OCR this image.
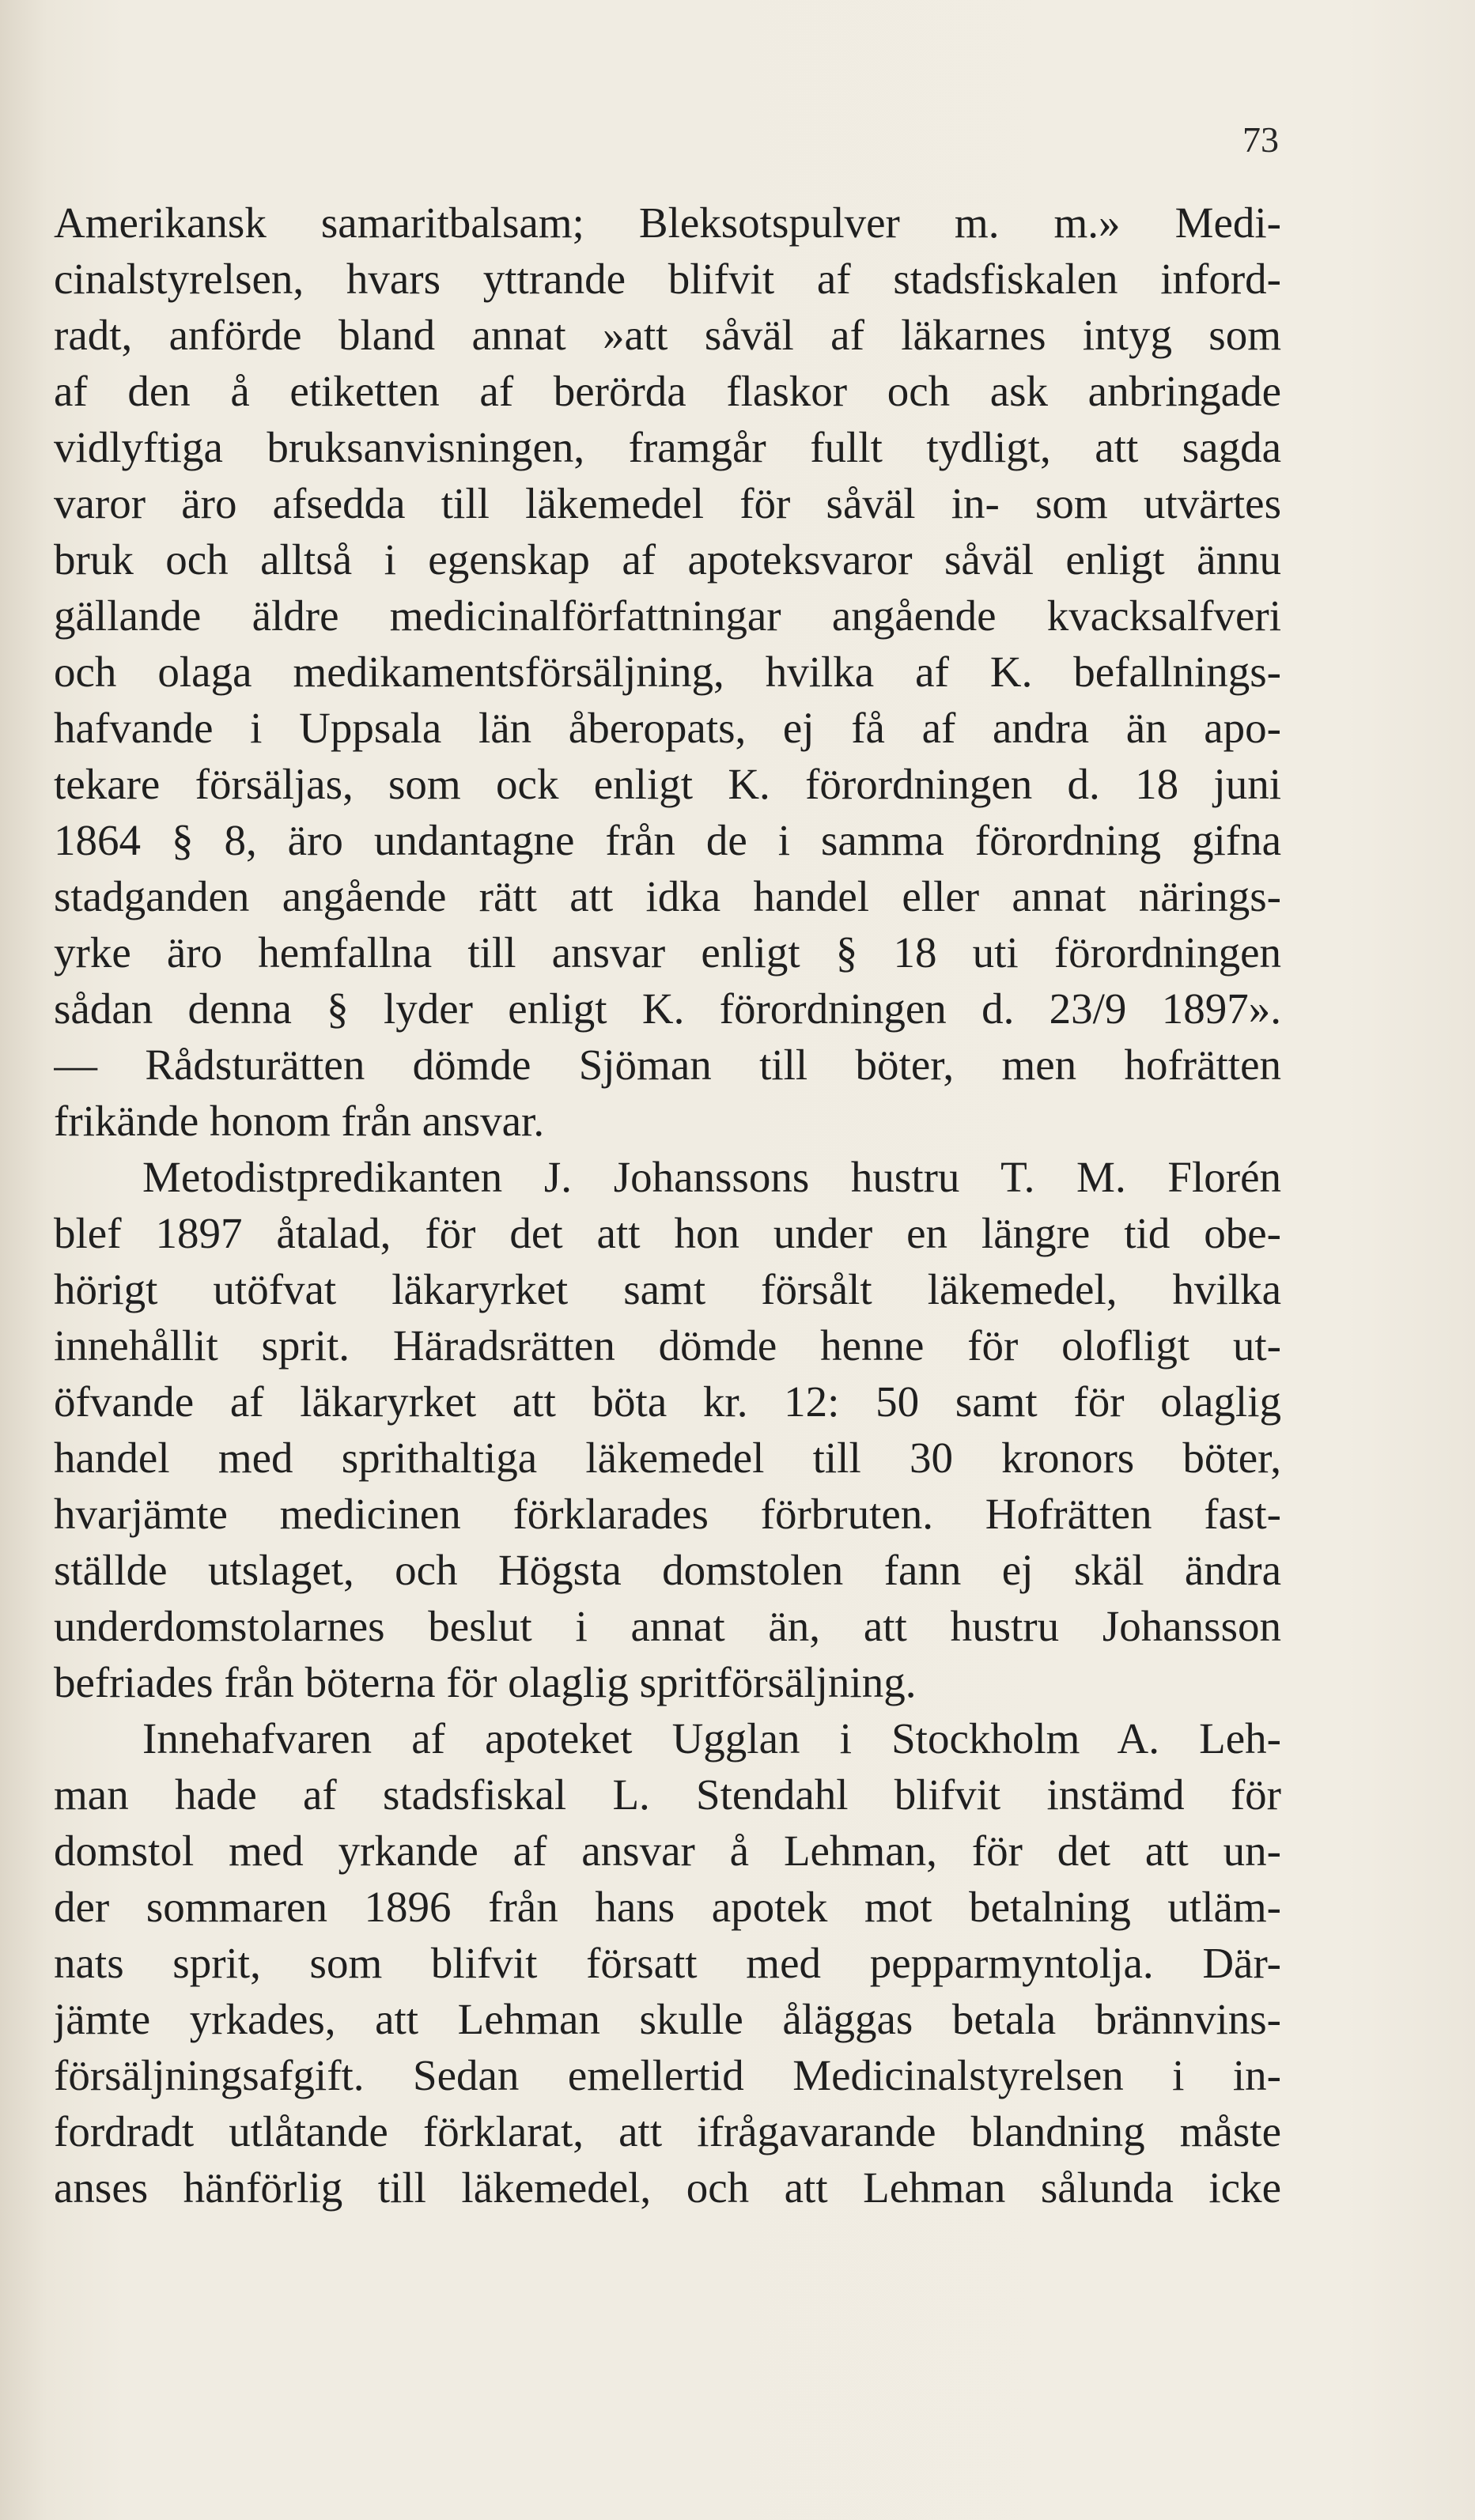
73
Amerikansk samaritbalsam; Bleksotspulver m. m.» Medi-
cinalstyrelsen, hvars yttrande blifvit af stadsfiskalen inford-
radt, anförde bland annat »att såväl af läkarnes intyg som
af den å etiketten af berörda flaskor och ask anbringade
vidlyftiga bruksanvisningen, framgår fullt tydligt, att sagda
varor äro afsedda till läkemedel för såväl in- som utvärtes
bruk och alltså i egenskap af apoteksvaror såväl enligt ännu
gällande äldre medicinalförfattningar angående kvacksalfveri
och olaga medikamentsförsäljning, hvilka af K. befallnings-
hafvande i Uppsala län åberopats, ej få af andra än apo-
tekare försäljas, som ock enligt K. förordningen d. 18 juni
1864 § 8, äro undantagne från de i samma förordning gifna
stadganden angående rätt att idka handel eller annat närings-
yrke äro hemfallna till ansvar enligt § 18 uti förordningen
sådan denna § lyder enligt K. förordningen d. 23/9 1897».
— Rådsturätten dömde Sjöman till böter, men hofrätten
frikände honom från ansvar.
Metodistpredikanten J. Johanssons hustru T. M. Florén
blef 1897 åtalad, för det att hon under en längre tid obe-
hörigt utöfvat läkaryrket samt försålt läkemedel, hvilka
innehållit sprit. Häradsrätten dömde henne för olofligt ut-
öfvande af läkaryrket att böta kr. 12: 50 samt för olaglig
handel med sprithaltiga läkemedel till 30 kronors böter,
hvarjämte medicinen förklarades förbruten. Hofrätten fast-
ställde utslaget, och Högsta domstolen fann ej skäl ändra
underdomstolarnes beslut i annat än, att hustru Johansson
befriades från böterna för olaglig spritförsäljning.
Innehafvaren af apoteket Ugglan i Stockholm A. Leh-
man hade af stadsfiskal L. Stendahl blifvit instämd för
domstol med yrkande af ansvar å Lehman, för det att un-
der sommaren 1896 från hans apotek mot betalning utläm-
nats sprit, som blifvit försatt med pepparmyntolja. Där-
jämte yrkades, att Lehman skulle åläggas betala brännvins-
försäljningsafgift. Sedan emellertid Medicinalstyrelsen i in-
fordradt utlåtande förklarat, att ifrågavarande blandning måste
anses hänförlig till läkemedel, och att Lehman sålunda icke
